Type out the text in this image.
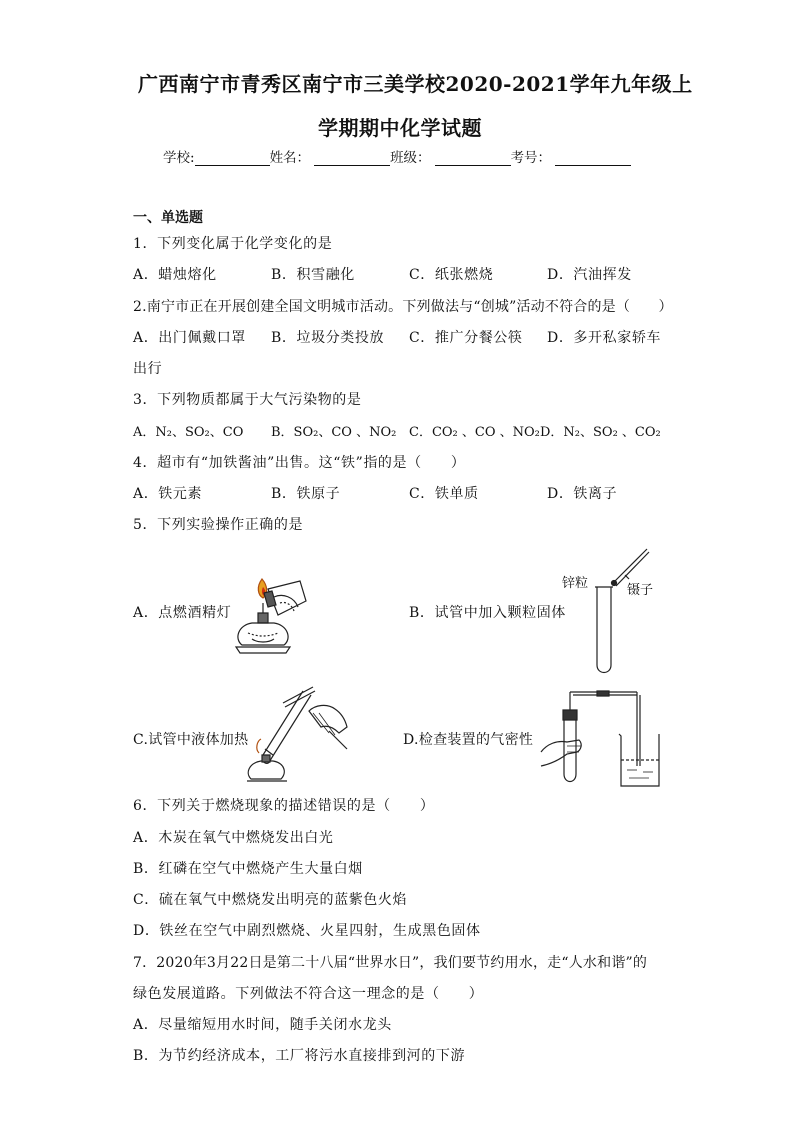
广西南宁市青秀区南宁市三美学校2020-2021学年九年级上
学期期中化学试题
学校:	姓名：	班级：	考号：
一、单选题
1．下列变化属于化学变化的是
A．蜡烛熔化	B．积雪融化	C．纸张燃烧	D．汽油挥发
2.南宁市正在开展创建全国文明城市活动。下列做法与“创城”活动不符合的是（　　）
A．出门佩戴口罩 B．垃圾分类投放 C．推广分餐公筷 D．多开私家轿车
出行
3．下列物质都属于大气污染物的是
A．N₂、SO₂、CO B．SO₂、CO 、NO₂ C．CO₂ 、CO 、NO₂ D．N₂、SO₂ 、CO₂
4．超市有“加铁酱油”出售。这“铁”指的是（　　）
A．铁元素	B．铁原子	C．铁单质	D．铁离子
5．下列实验操作正确的是
A．点燃酒精灯	B．试管中加入颗粒固体
C.试管中液体加热	D.检查装置的气密性
锌粒	镊子
6．下列关于燃烧现象的描述错误的是（　　）
A．木炭在氧气中燃烧发出白光
B．红磷在空气中燃烧产生大量白烟
C．硫在氧气中燃烧发出明亮的蓝紫色火焰
D．铁丝在空气中剧烈燃烧、火星四射，生成黑色固体
7．2020年3月22日是第二十八届“世界水日”，我们要节约用水，走“人水和谐”的
绿色发展道路。下列做法不符合这一理念的是（　　）
A．尽量缩短用水时间，随手关闭水龙头
B．为节约经济成本，工厂将污水直接排到河的下游
